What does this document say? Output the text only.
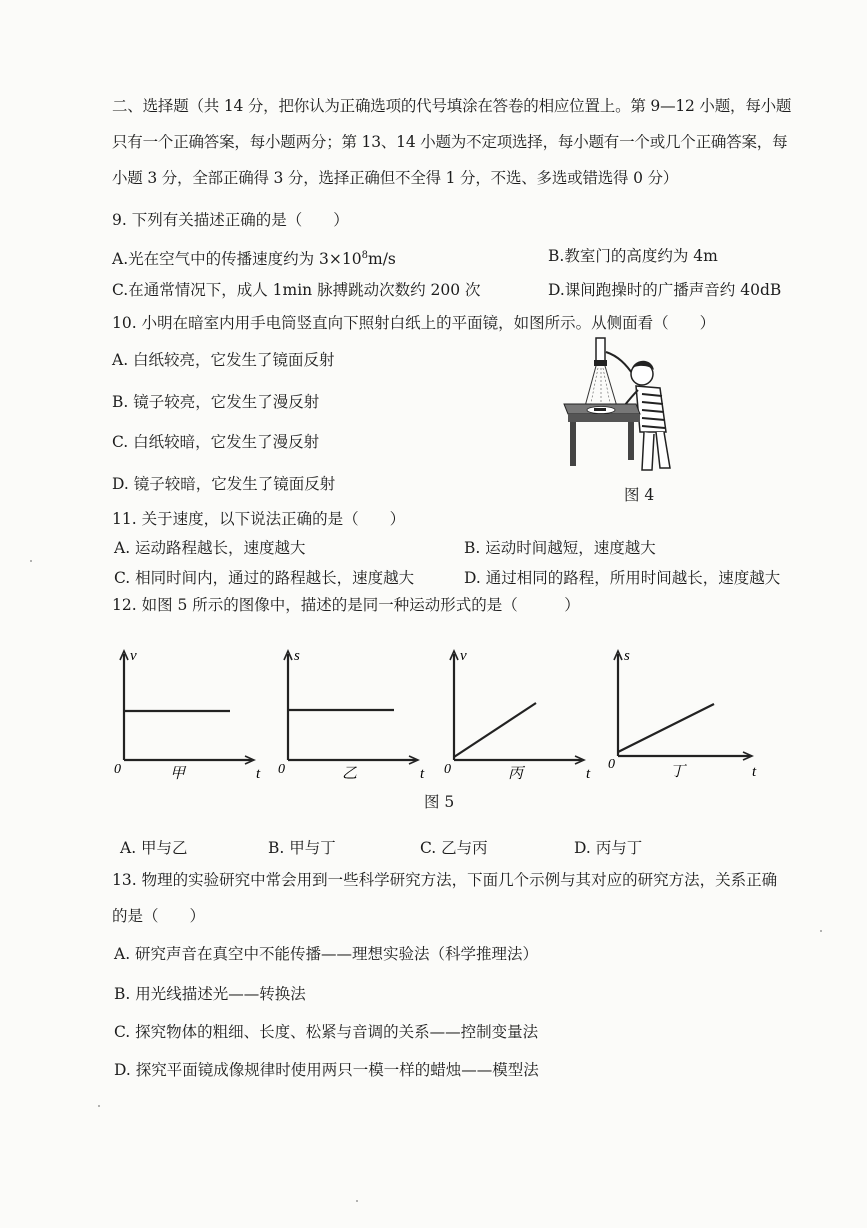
二、选择题（共 14 分，把你认为正确选项的代号填涂在答卷的相应位置上。第 9—12 小题，每小题
只有一个正确答案，每小题两分；第 13、14 小题为不定项选择，每小题有一个或几个正确答案，每
小题 3 分，全部正确得 3 分，选择正确但不全得 1 分，不选、多选或错选得 0 分）
9. 下列有关描述正确的是（　　）
A.光在空气中的传播速度约为 $3\times 10^8m/s$	B.教室门的高度约为 4m
C.在通常情况下，成人 1min 脉搏跳动次数约 200 次	D.课间跑操时的广播声音约 40dB
10. 小明在暗室内用手电筒竖直向下照射白纸上的平面镜，如图所示。从侧面看（　　）
A. 白纸较亮，它发生了镜面反射
B. 镜子较亮，它发生了漫反射
C. 白纸较暗，它发生了漫反射
D. 镜子较暗，它发生了镜面反射
图 4
11. 关于速度，以下说法正确的是（　　）
A. 运动路程越长，速度越大	B. 运动时间越短，速度越大
C. 相同时间内，通过的路程越长，速度越大	D. 通过相同的路程，所用时间越长，速度越大
12. 如图 5 所示的图像中，描述的是同一种运动形式的是（　　　）
v
t
0	甲
s
t
0	乙
v
t
0	丙
s
t
0	丁
图 5
A. 甲与乙	B. 甲与丁	C. 乙与丙	D. 丙与丁
13. 物理的实验研究中常会用到一些科学研究方法，下面几个示例与其对应的研究方法，关系正确
的是（　　）
A. 研究声音在真空中不能传播——理想实验法（科学推理法）
B. 用光线描述光——转换法
C. 探究物体的粗细、长度、松紧与音调的关系——控制变量法
D. 探究平面镜成像规律时使用两只一模一样的蜡烛——模型法
